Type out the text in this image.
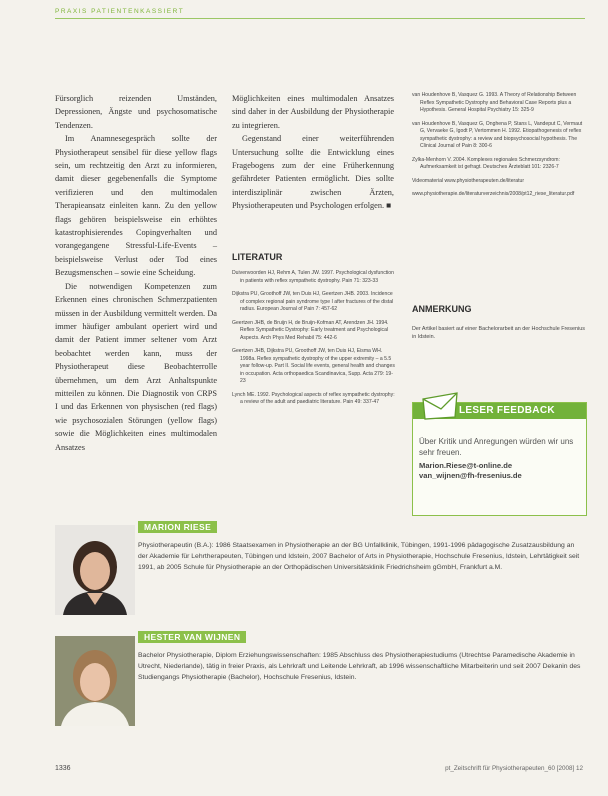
PRAXIS PATIENTENKASSIERT

Fürsorglich reizenden Umständen, Depressionen, Ängste und psychosomatische Tendenzen.

Im Anamnesegespräch sollte der Physiotherapeut sensibel für diese yellow flags sein, um rechtzeitig den Arzt zu informieren, damit dieser gegebenenfalls die Symptome verifizieren und den multimodalen Therapieansatz einleiten kann. Zu den yellow flags gehören beispielsweise ein erhöhtes katastrophisierendes Copingverhalten und vorangegangene Stressful-Life-Events – beispielsweise Verlust oder Tod eines Bezugsmenschen – sowie eine Scheidung.

Die notwendigen Kompetenzen zum Erkennen eines chronischen Schmerzpatienten müssen in der Ausbildung vermittelt werden. Da immer häufiger ambulant operiert wird und damit der Patient immer seltener vom Arzt beobachtet werden kann, muss der Physiotherapeut diese Beobachterrolle übernehmen, um dem Arzt Anhaltspunkte mitteilen zu können. Die Diagnostik von CRPS I und das Erkennen von physischen (red flags) wie psychosozialen Störungen (yellow flags) sowie die Möglichkeiten eines multimodalen Ansatzes

Möglichkeiten eines multimodalen Ansatzes sind daher in der Ausbildung der Physiotherapie zu integrieren.

Gegenstand einer weiterführenden Untersuchung sollte die Entwicklung eines Fragebogens zum der eine Früherkennung gefährdeter Patienten ermöglicht. Dies sollte interdisziplinär zwischen Ärzten, Physiotherapeuten und Psychologen erfolgen. ■

LITERATUR
Duivenvoorden HJ, Rehm A, Tulen JW. 1997. Psychological dysfunction in patients with reflex sympathetic dystrophy. Pain 71: 323-33
Dijkstra PU, Groothoff JW, ten Duis HJ, Geertzen JHB. 2003. Incidence of complex regional pain syndrome type I after fractures of the distal radius. European Journal of Pain 7: 457-62
Geertzen JHB, de Bruijn H, de Bruijn-Kofman AT, Arendzen JH. 1994. Reflex Sympathetic Dystrophy: Early treatment and Psychological Aspects. Arch Phys Med Rehabil 75: 442-6
Geertzen JHB, Dijkstra PU, Groothoff JW, ten Duis HJ, Eisma WH. 1998a. Reflex sympathetic dystrophy of the upper extremity – a 5.5 year follow-up. Part II. Social life events, general health and changes in occupation. Acta orthopaedica Scandinavica, Supp. Acta 279: 19-23
Lynch ME. 1992. Psychological aspects of reflex sympathetic dystrophy: a review of the adult and paediatric literature. Pain 49: 337-47
van Houdenhove B, Vasquez G. 1993. A Theory of Relationship Between Reflex Sympathetic Dystrophy and Behavioral Case Reports plus a Hypothesis. General Hospital Psychiatry 15: 325-9
van Houdenhove B, Vasquez G, Onghena P, Stans L, Vandeput C, Vermaut G, Vervaeke G, Igodt P, Vertommen H. 1992. Etiopathogenesis of reflex sympathetic dystrophy: a review and biopsychosocial hypothesis. The Clinical Journal of Pain 8: 300-6
Zylka-Menhorn V. 2004. Komplexes regionales Schmerzsyndrom: Aufmerksamkeit ist gefragt. Deutsches Ärzteblatt 101: 2326-7
Videomaterial www.physiotherapeuten.de/literatur
www.physiotherapie.de/literaturverzeichnis/2008/pt12_riese_literatur.pdf
ANMERKUNG
Der Artikel basiert auf einer Bachelorarbeit an der Hochschule Fresenius in Idstein.
LESER FEEDBACK
Über Kritik und Anregungen würden wir uns sehr freuen.
Marion.Riese@t-online.de
van_wijnen@fh-fresenius.de
MARION RIESE
Physiotherapeutin (B.A.): 1986 Staatsexamen in Physiotherapie an der BG Unfallklinik, Tübingen, 1991-1996 pädagogische Zusatzausbildung an der Akademie für Lehrtherapeuten, Tübingen und Idstein, 2007 Bachelor of Arts in Physiotherapie, Hochschule Fresenius, Idstein, Lehrtätigkeit seit 1991, ab 2005 Schule für Physiotherapie an der Orthopädischen Universitätsklinik Friedrichsheim gGmbH, Frankfurt a.M.
HESTER VAN WIJNEN
Bachelor Physiotherapie, Diplom Erziehungswissenschaften: 1985 Abschluss des Physiotherapiestudiums (Utrechtse Paramedische Akademie in Utrecht, Niederlande), tätig in freier Praxis, als Lehrkraft und Leitende Lehrkraft, ab 1996 wissenschaftliche Mitarbeiterin und seit 2007 Dekanin des Studiengangs Physiotherapie (Bachelor), Hochschule Fresenius, Idstein.
1336	pt_Zeitschrift für Physiotherapeuten_60 [2008] 12
